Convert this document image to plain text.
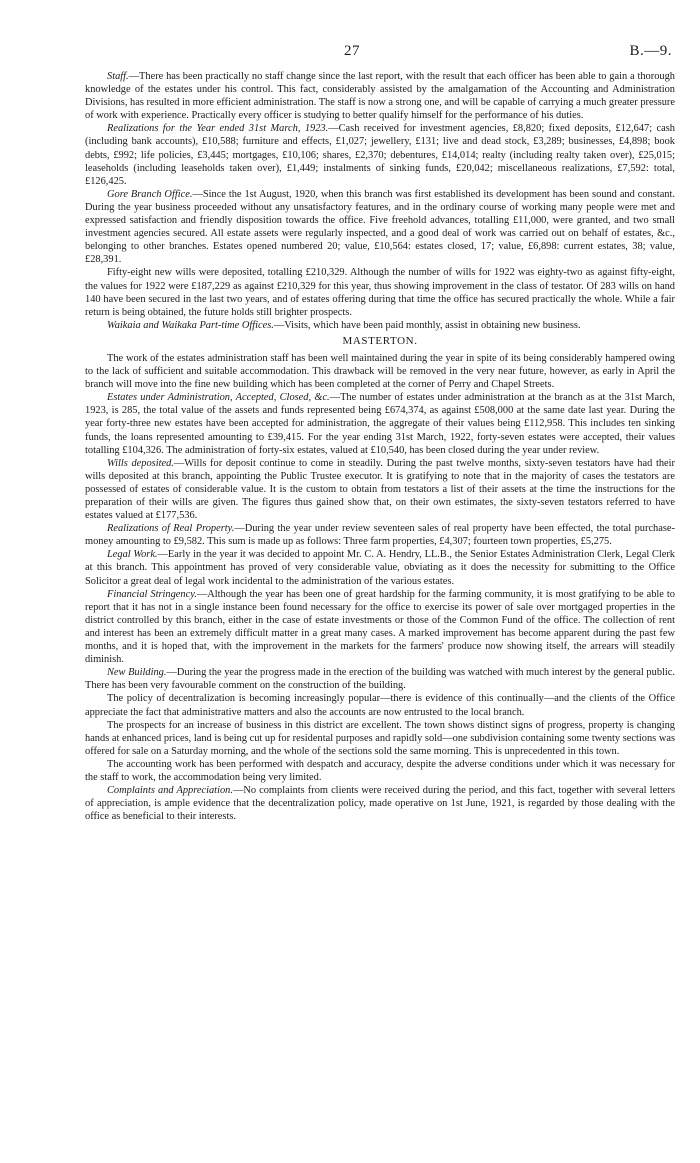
27	B.—9.

Staff.—There has been practically no staff change since the last report, with the result that each officer has been able to gain a thorough knowledge of the estates under his control. This fact, considerably assisted by the amalgamation of the Accounting and Administration Divisions, has resulted in more efficient administration. The staff is now a strong one, and will be capable of carrying a much greater pressure of work with experience. Practically every officer is studying to better qualify himself for the performance of his duties.

Realizations for the Year ended 31st March, 1923.—Cash received for investment agencies, £8,820; fixed deposits, £12,647; cash (including bank accounts), £10,588; furniture and effects, £1,027; jewellery, £131; live and dead stock, £3,289; businesses, £4,898; book debts, £992; life policies, £3,445; mortgages, £10,106; shares, £2,370; debentures, £14,014; realty (including realty taken over), £25,015; leaseholds (including leaseholds taken over), £1,449; instalments of sinking funds, £20,042; miscellaneous realizations, £7,592: total, £126,425.

Gore Branch Office.—Since the 1st August, 1920, when this branch was first established its development has been sound and constant. During the year business proceeded without any unsatisfactory features, and in the ordinary course of working many people were met and expressed satisfaction and friendly disposition towards the office. Five freehold advances, totalling £11,000, were granted, and two small investment agencies secured. All estate assets were regularly inspected, and a good deal of work was carried out on behalf of estates, &c., belonging to other branches. Estates opened numbered 20; value, £10,564: estates closed, 17; value, £6,898: current estates, 38; value, £28,391.

Fifty-eight new wills were deposited, totalling £210,329. Although the number of wills for 1922 was eighty-two as against fifty-eight, the values for 1922 were £187,229 as against £210,329 for this year, thus showing improvement in the class of testator. Of 283 wills on hand 140 have been secured in the last two years, and of estates offering during that time the office has secured practically the whole. While a fair return is being obtained, the future holds still brighter prospects.

Waikaia and Waikaka Part-time Offices.—Visits, which have been paid monthly, assist in obtaining new business.

MASTERTON.

The work of the estates administration staff has been well maintained during the year in spite of its being considerably hampered owing to the lack of sufficient and suitable accommodation. This drawback will be removed in the very near future, however, as early in April the branch will move into the fine new building which has been completed at the corner of Perry and Chapel Streets.

Estates under Administration, Accepted, Closed, &c.—The number of estates under administration at the branch as at the 31st March, 1923, is 285, the total value of the assets and funds represented being £674,374, as against £508,000 at the same date last year. During the year forty-three new estates have been accepted for administration, the aggregate of their values being £112,958. This includes ten sinking funds, the loans represented amounting to £39,415. For the year ending 31st March, 1922, forty-seven estates were accepted, their values totalling £104,326. The administration of forty-six estates, valued at £10,540, has been closed during the year under review.

Wills deposited.—Wills for deposit continue to come in steadily. During the past twelve months, sixty-seven testators have had their wills deposited at this branch, appointing the Public Trustee executor. It is gratifying to note that in the majority of cases the testators are possessed of estates of considerable value. It is the custom to obtain from testators a list of their assets at the time the instructions for the preparation of their wills are given. The figures thus gained show that, on their own estimates, the sixty-seven testators referred to have estates valued at £177,536.

Realizations of Real Property.—During the year under review seventeen sales of real property have been effected, the total purchase-money amounting to £9,582. This sum is made up as follows: Three farm properties, £4,307; fourteen town properties, £5,275.

Legal Work.—Early in the year it was decided to appoint Mr. C. A. Hendry, LL.B., the Senior Estates Administration Clerk, Legal Clerk at this branch. This appointment has proved of very considerable value, obviating as it does the necessity for submitting to the Office Solicitor a great deal of legal work incidental to the administration of the various estates.

Financial Stringency.—Although the year has been one of great hardship for the farming community, it is most gratifying to be able to report that it has not in a single instance been found necessary for the office to exercise its power of sale over mortgaged properties in the district controlled by this branch, either in the case of estate investments or those of the Common Fund of the office. The collection of rent and interest has been an extremely difficult matter in a great many cases. A marked improvement has become apparent during the past few months, and it is hoped that, with the improvement in the markets for the farmers' produce now showing itself, the arrears will steadily diminish.

New Building.—During the year the progress made in the erection of the building was watched with much interest by the general public. There has been very favourable comment on the construction of the building.

The policy of decentralization is becoming increasingly popular—there is evidence of this continually—and the clients of the Office appreciate the fact that administrative matters and also the accounts are now entrusted to the local branch.

The prospects for an increase of business in this district are excellent. The town shows distinct signs of progress, property is changing hands at enhanced prices, land is being cut up for residental purposes and rapidly sold—one subdivision containing some twenty sections was offered for sale on a Saturday morning, and the whole of the sections sold the same morning. This is unprecedented in this town.

The accounting work has been performed with despatch and accuracy, despite the adverse conditions under which it was necessary for the staff to work, the accommodation being very limited.

Complaints and Appreciation.—No complaints from clients were received during the period, and this fact, together with several letters of appreciation, is ample evidence that the decentralization policy, made operative on 1st June, 1921, is regarded by those dealing with the office as beneficial to their interests.
